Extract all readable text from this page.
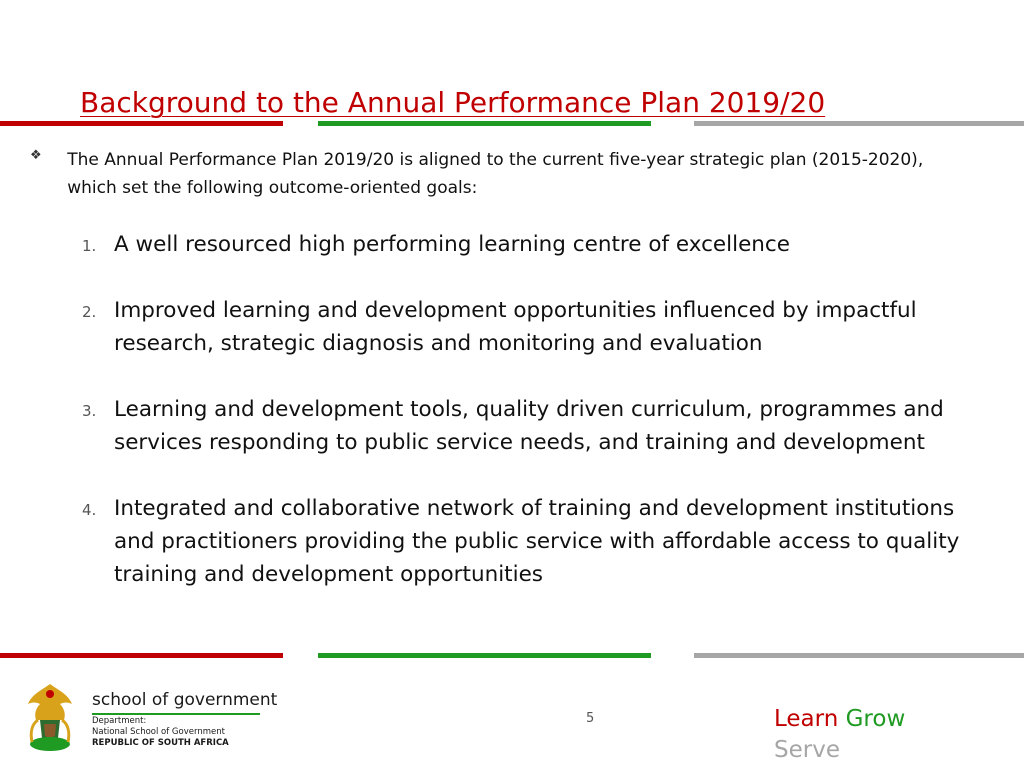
Background to the Annual Performance Plan 2019/20
❖	The Annual Performance Plan 2019/20 is aligned to the current five-year strategic plan (2015-2020), which set the following outcome-oriented goals:
1. A well resourced high performing learning centre of excellence
2. Improved learning and development opportunities influenced by impactful research, strategic diagnosis and monitoring and evaluation
3. Learning and development tools, quality driven curriculum, programmes and services responding to public service needs, and training and development
4. Integrated and collaborative network of training and development institutions and practitioners providing the public service with affordable access to quality training and development opportunities
school of government
Department:
National School of Government
REPUBLIC OF SOUTH AFRICA
5	Learn Grow
Serve
